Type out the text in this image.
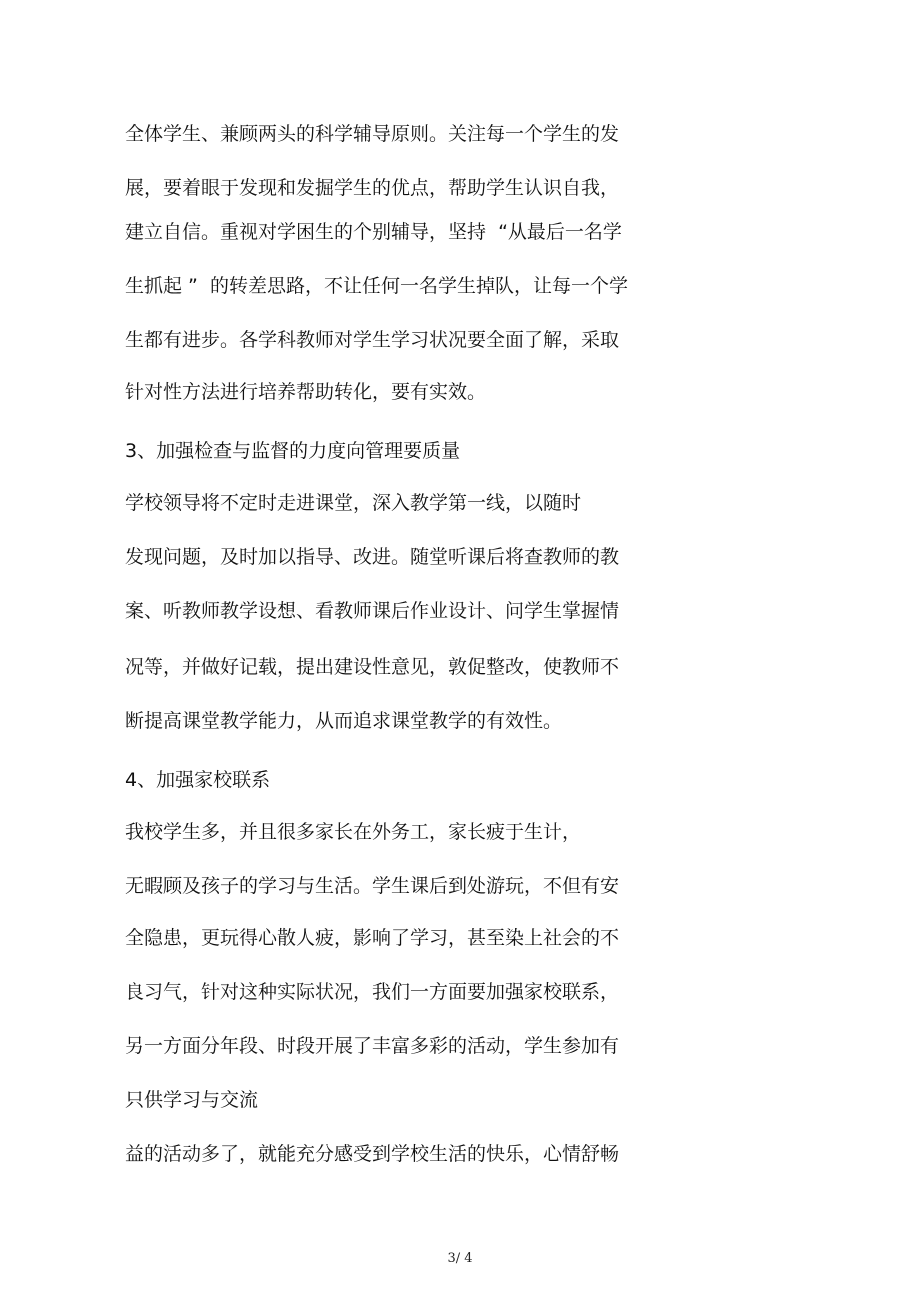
全体学生、兼顾两头的科学辅导原则。关注每一个学生的发
展，要着眼于发现和发掘学生的优点，帮助学生认识自我，
建立自信。重视对学困生的个别辅导，坚持  “从最后一名学
生抓起 ”  的转差思路，不让任何一名学生掉队，让每一个学
生都有进步。各学科教师对学生学习状况要全面了解，采取
针对性方法进行培养帮助转化，要有实效。
3、加强检查与监督的力度向管理要质量
学校领导将不定时走进课堂，深入教学第一线，以随时
发现问题，及时加以指导、改进。随堂听课后将查教师的教
案、听教师教学设想、看教师课后作业设计、问学生掌握情
况等，并做好记载，提出建设性意见，敦促整改，使教师不
断提高课堂教学能力，从而追求课堂教学的有效性。
4、加强家校联系
我校学生多，并且很多家长在外务工，家长疲于生计，
无暇顾及孩子的学习与生活。学生课后到处游玩，不但有安
全隐患，更玩得心散人疲，影响了学习，甚至染上社会的不
良习气，针对这种实际状况，我们一方面要加强家校联系，
另一方面分年段、时段开展了丰富多彩的活动，学生参加有
只供学习与交流
益的活动多了，就能充分感受到学校生活的快乐，心情舒畅
3/ 4
